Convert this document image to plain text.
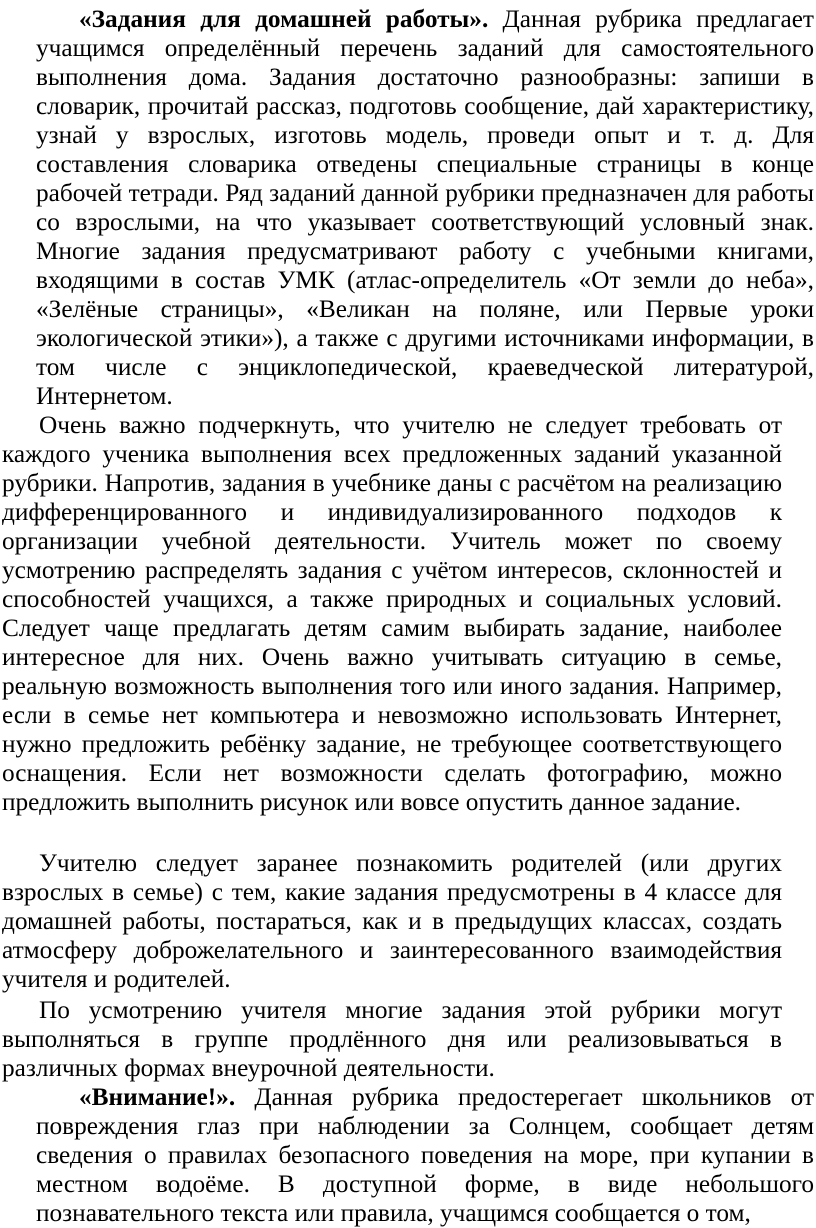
«Задания для домашней работы». Данная рубрика предлагает учащимся определённый перечень заданий для самостоятельного выполнения дома. Задания достаточно разнообразны: запиши в словарик, прочитай рассказ, подготовь сообщение, дай характеристику, узнай у взрослых, изготовь модель, проведи опыт и т. д. Для составления словарика отведены специальные страницы в конце рабочей тетради. Ряд заданий данной рубрики предназначен для работы со взрослыми, на что указывает соответствующий условный знак. Многие задания предусматривают работу с учебными книгами, входящими в состав УМК (атлас-определитель «От земли до неба», «Зелёные страницы», «Великан на поляне, или Первые уроки экологической этики»), а также с другими источниками информации, в том числе с энциклопедической, краеведческой литературой, Интернетом.

Очень важно подчеркнуть, что учителю не следует требовать от каждого ученика выполнения всех предложенных заданий указанной рубрики. Напротив, задания в учебнике даны с расчётом на реализацию дифференцированного и индивидуализированного подходов к организации учебной деятельности. Учитель может по своему усмотрению распределять задания с учётом интересов, склонностей и способностей учащихся, а также природных и социальных условий. Следует чаще предлагать детям самим выбирать задание, наиболее интересное для них. Очень важно учитывать ситуацию в семье, реальную возможность выполнения того или иного задания. Например, если в семье нет компьютера и невозможно использовать Интернет, нужно предложить ребёнку задание, не требующее соответствующего оснащения. Если нет возможности сделать фотографию, можно предложить выполнить рисунок или вовсе опустить данное задание.

Учителю следует заранее познакомить родителей (или других взрослых в семье) с тем, какие задания предусмотрены в 4 классе для домашней работы, постараться, как и в предыдущих классах, создать атмосферу доброжелательного и заинтересованного взаимодействия учителя и родителей.

По усмотрению учителя многие задания этой рубрики могут выполняться в группе продлённого дня или реализовываться в различных формах внеурочной деятельности.

«Внимание!». Данная рубрика предостерегает школьников от повреждения глаз при наблюдении за Солнцем, сообщает детям сведения о правилах безопасного поведения на море, при купании в местном водоёме. В доступной форме, в виде небольшого познавательного текста или правила, учащимся сообщается о том,
